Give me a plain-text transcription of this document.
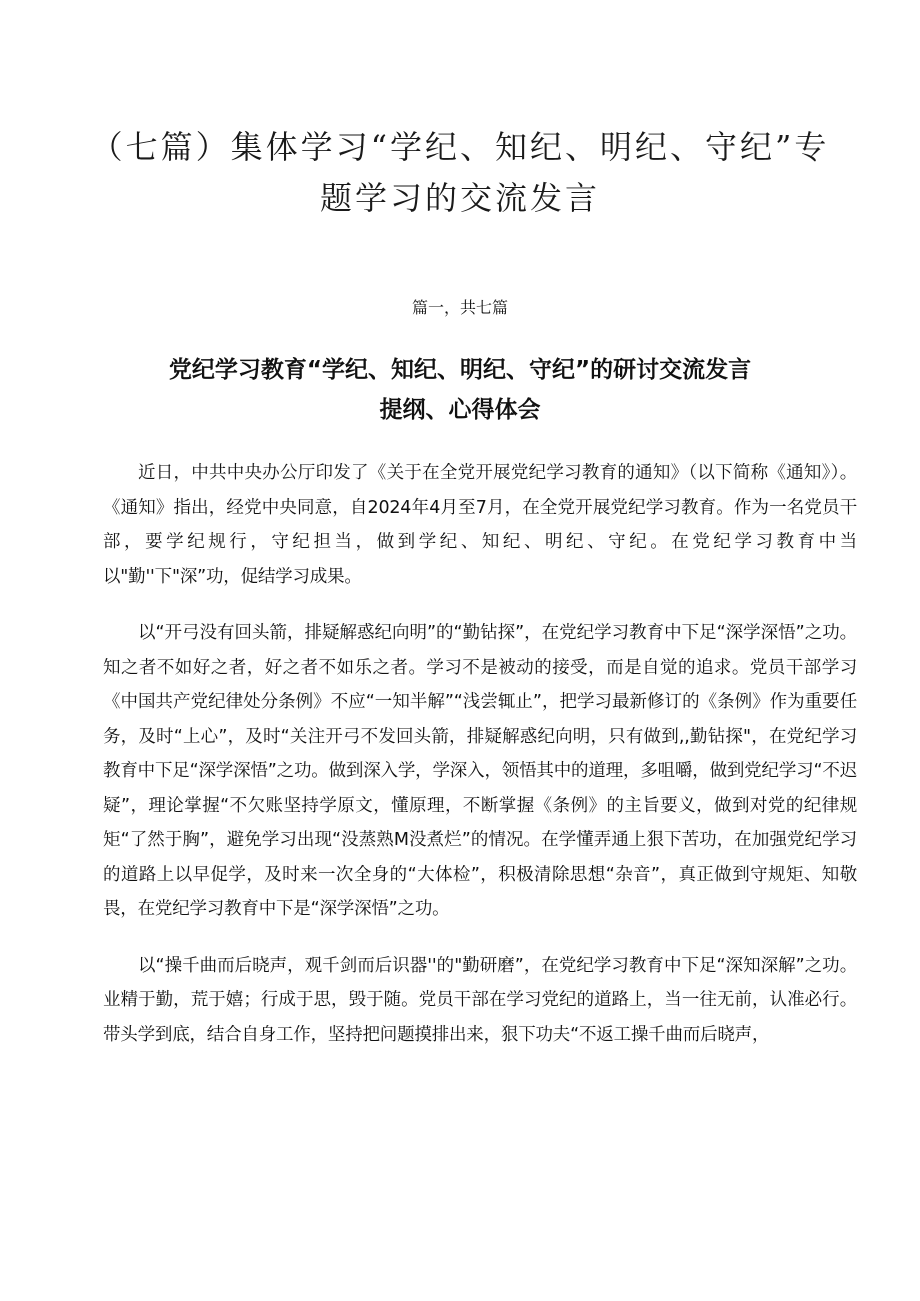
（七篇）集体学习“学纪、知纪、明纪、守纪”专
题学习的交流发言

篇一，共七篇

党纪学习教育“学纪、知纪、明纪、守纪”的研讨交流发言
提纲、心得体会

近日，中共中央办公厅印发了《关于在全党开展党纪学习教育的通知》（以下简称《通知》）。《通知》指出，经党中央同意，自2024年4月至7月，在全党开展党纪学习教育。作为一名党员干部，要学纪规行，守纪担当，做到学纪、知纪、明纪、守纪。在党纪学习教育中当以"勤''下"深”功，促结学习成果。

以“开弓没有回头箭，排疑解惑纪向明”的“勤钻探”，在党纪学习教育中下足“深学深悟”之功。知之者不如好之者，好之者不如乐之者。学习不是被动的接受，而是自觉的追求。党员干部学习《中国共产党纪律处分条例》不应“一知半解”“浅尝辄止”，把学习最新修订的《条例》作为重要任务，及时“上心”，及时“关注开弓不发回头箭，排疑解惑纪向明，只有做到,,勤钻探"，在党纪学习教育中下足“深学深悟”之功。做到深入学，学深入，领悟其中的道理，多咀嚼，做到党纪学习“不迟疑”，理论掌握“不欠账坚持学原文，懂原理，不断掌握《条例》的主旨要义，做到对党的纪律规矩“了然于胸”，避免学习出现“没蒸熟M没煮烂”的情况。在学懂弄通上狠下苦功，在加强党纪学习的道路上以早促学，及时来一次全身的“大体检”，积极清除思想“杂音”，真正做到守规矩、知敬畏，在党纪学习教育中下是“深学深悟”之功。

以“操千曲而后晓声，观千剑而后识器''的"勤研磨”，在党纪学习教育中下足“深知深解”之功。业精于勤，荒于嬉；行成于思，毁于随。党员干部在学习党纪的道路上，当一往无前，认准必行。带头学到底，结合自身工作，坚持把问题摸排出来，狠下功夫“不返工操千曲而后晓声，
